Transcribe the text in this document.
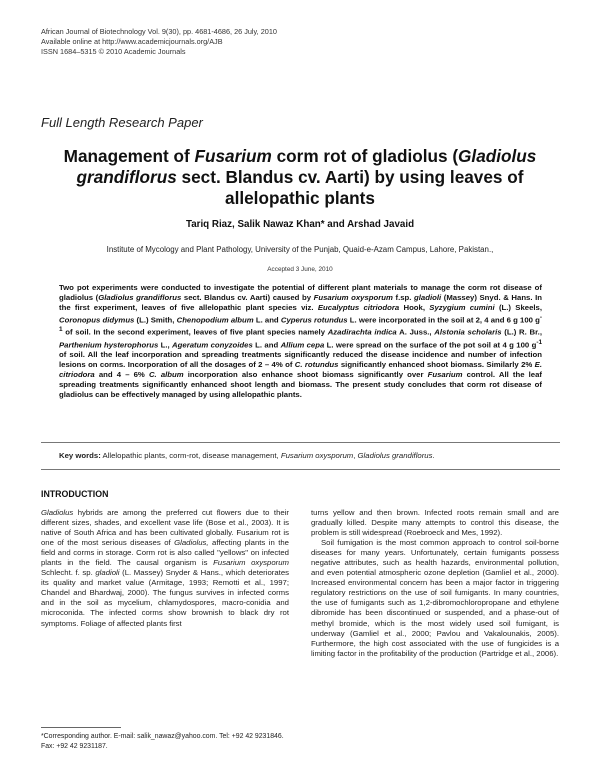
African Journal of Biotechnology Vol. 9(30), pp. 4681-4686, 26 July, 2010
Available online at http://www.academicjournals.org/AJB
ISSN 1684–5315 © 2010 Academic Journals
Full Length Research Paper
Management of Fusarium corm rot of gladiolus (Gladiolus grandiflorus sect. Blandus cv. Aarti) by using leaves of allelopathic plants
Tariq Riaz, Salik Nawaz Khan* and Arshad Javaid
Institute of Mycology and Plant Pathology, University of the Punjab, Quaid-e-Azam Campus, Lahore, Pakistan.,
Accepted 3 June, 2010
Two pot experiments were conducted to investigate the potential of different plant materials to manage the corm rot disease of gladiolus (Gladiolus grandiflorus sect. Blandus cv. Aarti) caused by Fusarium oxysporum f.sp. gladioli (Massey) Snyd. & Hans. In the first experiment, leaves of five allelopathic plant species viz. Eucalyptus citriodora Hook, Syzygium cumini (L.) Skeels, Coronopus didymus (L.) Smith, Chenopodium album L. and Cyperus rotundus L. were incorporated in the soil at 2, 4 and 6 g 100 $g^{-1}$ of soil. In the second experiment, leaves of five plant species namely Azadirachta indica A. Juss., Alstonia scholaris (L.) R. Br., Parthenium hysterophorus L., Ageratum conyzoides L. and Allium cepa L. were spread on the surface of the pot soil at 4 g 100 $g^{-1}$ of soil. All the leaf incorporation and spreading treatments significantly reduced the disease incidence and number of infection lesions on corms. Incorporation of all the dosages of 2 – 4% of C. rotundus significantly enhanced shoot biomass. Similarly 2% E. citriodora and 4 – 6% C. album incorporation also enhance shoot biomass significantly over Fusarium control. All the leaf spreading treatments significantly enhanced shoot length and biomass. The present study concludes that corm rot disease of gladiolus can be effectively managed by using allelopathic plants.
Key words: Allelopathic plants, corm-rot, disease management, Fusarium oxysporum, Gladiolus grandiflorus.
INTRODUCTION

Gladiolus hybrids are among the preferred cut flowers due to their different sizes, shades, and excellent vase life (Bose et al., 2003). It is native of South Africa and has been cultivated globally. Fusarium rot is one of the most serious diseases of Gladiolus, affecting plants in the field and corms in storage. Corm rot is also called "yellows" on infected plants in the field. The causal organism is Fusarium oxysporum Schlecht. f. sp. gladioli (L. Massey) Snyder & Hans., which deteriorates its quality and market value (Armitage, 1993; Remotti et al., 1997; Chandel and Bhardwaj, 2000). The fungus survives in infected corms and in the soil as mycelium, chlamydospores, macro-conidia and microconida. The infected corms show brownish to black dry rot symptoms. Foliage of affected plants first

turns yellow and then brown. Infected roots remain small and are gradually killed. Despite many attempts to control this disease, the problem is still widespread (Roebroeck and Mes, 1992).

Soil fumigation is the most common approach to control soil-borne diseases for many years. Unfortunately, certain fumigants possess negative attributes, such as health hazards, environmental pollution, and even potential atmospheric ozone depletion (Gamliel et al., 2000). Increased environmental concern has been a major factor in triggering regulatory restrictions on the use of soil fumigants. In many countries, the use of fumigants such as 1,2-dibromochloropropane and ethylene dibromide has been discontinued or suspended, and a phase-out of methyl bromide, which is the most widely used soil fumigant, is underway (Gamliel et al., 2000; Pavlou and Vakalounakis, 2005). Furthermore, the high cost associated with the use of fungicides is a limiting factor in the profitability of the production (Partridge et al., 2006).

*Corresponding author. E-mail: salik_nawaz@yahoo.com. Tel: +92 42 9231846. Fax: +92 42 9231187.
